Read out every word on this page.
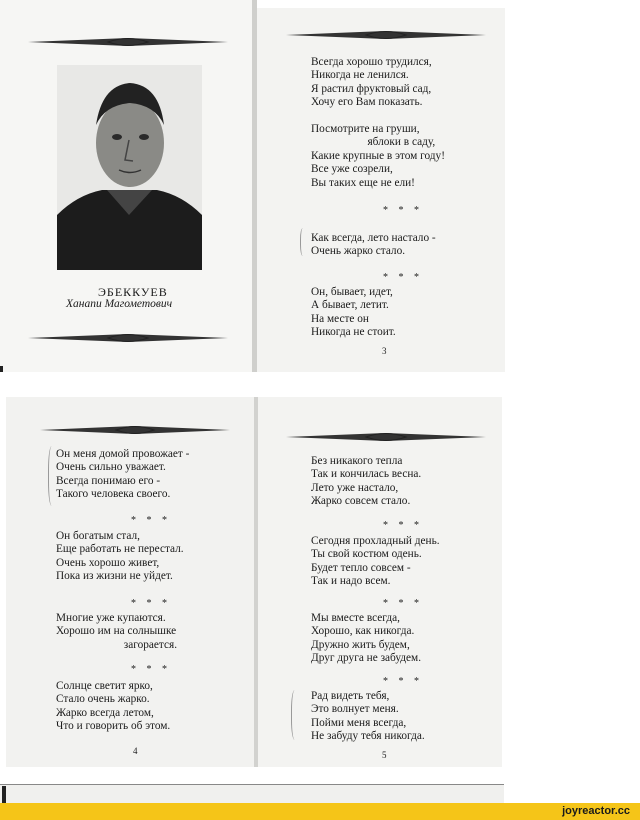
ЭБЕККУЕВ
Ханапи Магометович
Всегда хорошо трудился,
Никогда не ленился.
Я растил фруктовый сад,
Хочу его Вам показать.
Посмотрите на груши,
яблоки в саду,
Какие крупные в этом году!
Все уже созрели,
Вы таких еще не ели!
* * *
Как всегда, лето настало -
Очень жарко стало.
* * *
Он, бывает, идет,
А бывает, летит.
На месте он
Никогда не стоит.
3
Он меня домой провожает -
Очень сильно уважает.
Всегда понимаю его -
Такого человека своего.
* * *
Он богатым стал,
Еще работать не перестал.
Очень хорошо живет,
Пока из жизни не уйдет.
* * *
Многие уже купаются.
Хорошо им на солнышке
загорается.
* * *
Солнце светит ярко,
Стало очень жарко.
Жарко всегда летом,
Что и говорить об этом.
4
Без никакого тепла
Так и кончилась весна.
Лето уже настало,
Жарко совсем стало.
* * *
Сегодня прохладный день.
Ты свой костюм одень.
Будет тепло совсем -
Так и надо всем.
* * *
Мы вместе всегда,
Хорошо, как никогда.
Дружно жить будем,
Друг друга не забудем.
* * *
Рад видеть тебя,
Это волнует меня.
Пойми меня всегда,
Не забуду тебя никогда.
5
joyreactor.cc
